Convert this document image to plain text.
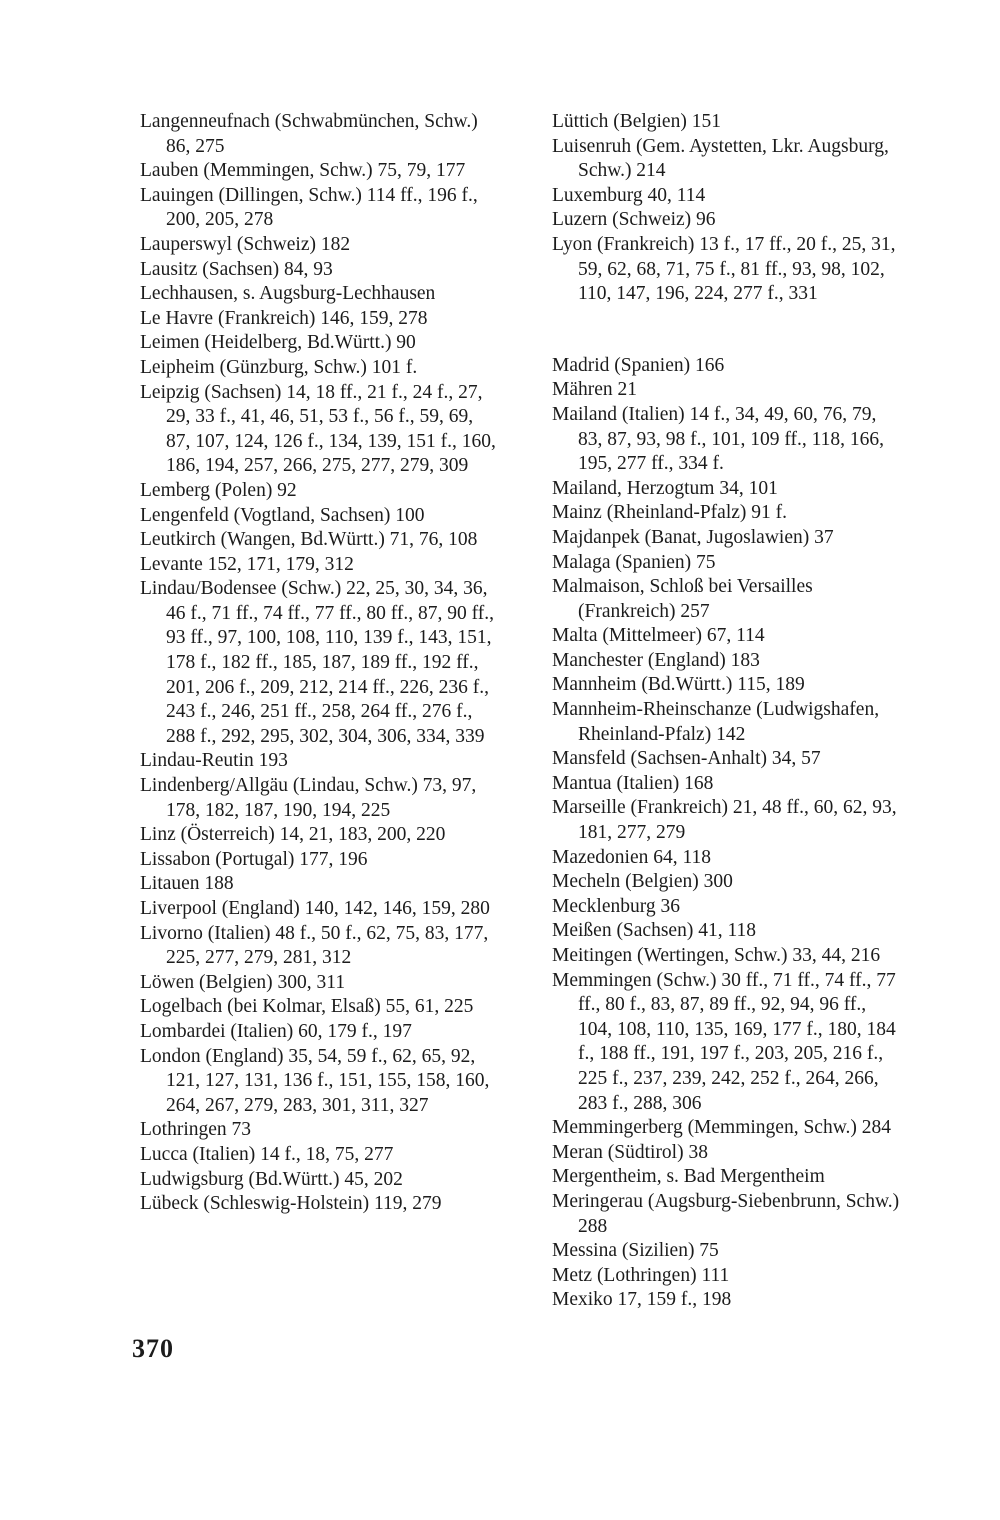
Langenneufnach (Schwabmünchen, Schw.) 86, 275

Lauben (Memmingen, Schw.) 75, 79, 177

Lauingen (Dillingen, Schw.) 114 ff., 196 f., 200, 205, 278

Lauperswyl (Schweiz) 182

Lausitz (Sachsen) 84, 93

Lechhausen, s. Augsburg-Lechhausen

Le Havre (Frankreich) 146, 159, 278

Leimen (Heidelberg, Bd.Württ.) 90

Leipheim (Günzburg, Schw.) 101 f.

Leipzig (Sachsen) 14, 18 ff., 21 f., 24 f., 27, 29, 33 f., 41, 46, 51, 53 f., 56 f., 59, 69, 87, 107, 124, 126 f., 134, 139, 151 f., 160, 186, 194, 257, 266, 275, 277, 279, 309

Lemberg (Polen) 92

Lengenfeld (Vogtland, Sachsen) 100

Leutkirch (Wangen, Bd.Württ.) 71, 76, 108

Levante 152, 171, 179, 312

Lindau/Bodensee (Schw.) 22, 25, 30, 34, 36, 46 f., 71 ff., 74 ff., 77 ff., 80 ff., 87, 90 ff., 93 ff., 97, 100, 108, 110, 139 f., 143, 151, 178 f., 182 ff., 185, 187, 189 ff., 192 ff., 201, 206 f., 209, 212, 214 ff., 226, 236 f., 243 f., 246, 251 ff., 258, 264 ff., 276 f., 288 f., 292, 295, 302, 304, 306, 334, 339

Lindau-Reutin 193

Lindenberg/Allgäu (Lindau, Schw.) 73, 97, 178, 182, 187, 190, 194, 225

Linz (Österreich) 14, 21, 183, 200, 220

Lissabon (Portugal) 177, 196

Litauen 188

Liverpool (England) 140, 142, 146, 159, 280

Livorno (Italien) 48 f., 50 f., 62, 75, 83, 177, 225, 277, 279, 281, 312

Löwen (Belgien) 300, 311

Logelbach (bei Kolmar, Elsaß) 55, 61, 225

Lombardei (Italien) 60, 179 f., 197

London (England) 35, 54, 59 f., 62, 65, 92, 121, 127, 131, 136 f., 151, 155, 158, 160, 264, 267, 279, 283, 301, 311, 327

Lothringen 73

Lucca (Italien) 14 f., 18, 75, 277

Ludwigsburg (Bd.Württ.) 45, 202

Lübeck (Schleswig-Holstein) 119, 279

Lüttich (Belgien) 151

Luisenruh (Gem. Aystetten, Lkr. Augsburg, Schw.) 214

Luxemburg 40, 114

Luzern (Schweiz) 96

Lyon (Frankreich) 13 f., 17 ff., 20 f., 25, 31, 59, 62, 68, 71, 75 f., 81 ff., 93, 98, 102, 110, 147, 196, 224, 277 f., 331

Madrid (Spanien) 166

Mähren 21

Mailand (Italien) 14 f., 34, 49, 60, 76, 79, 83, 87, 93, 98 f., 101, 109 ff., 118, 166, 195, 277 ff., 334 f.

Mailand, Herzogtum 34, 101

Mainz (Rheinland-Pfalz) 91 f.

Majdanpek (Banat, Jugoslawien) 37

Malaga (Spanien) 75

Malmaison, Schloß bei Versailles (Frankreich) 257

Malta (Mittelmeer) 67, 114

Manchester (England) 183

Mannheim (Bd.Württ.) 115, 189

Mannheim-Rheinschanze (Ludwigshafen, Rheinland-Pfalz) 142

Mansfeld (Sachsen-Anhalt) 34, 57

Mantua (Italien) 168

Marseille (Frankreich) 21, 48 ff., 60, 62, 93, 181, 277, 279

Mazedonien 64, 118

Mecheln (Belgien) 300

Mecklenburg 36

Meißen (Sachsen) 41, 118

Meitingen (Wertingen, Schw.) 33, 44, 216

Memmingen (Schw.) 30 ff., 71 ff., 74 ff., 77 ff., 80 f., 83, 87, 89 ff., 92, 94, 96 ff., 104, 108, 110, 135, 169, 177 f., 180, 184 f., 188 ff., 191, 197 f., 203, 205, 216 f., 225 f., 237, 239, 242, 252 f., 264, 266, 283 f., 288, 306

Memmingerberg (Memmingen, Schw.) 284

Meran (Südtirol) 38

Mergentheim, s. Bad Mergentheim

Meringerau (Augsburg-Siebenbrunn, Schw.) 288

Messina (Sizilien) 75

Metz (Lothringen) 111

Mexiko 17, 159 f., 198

370
